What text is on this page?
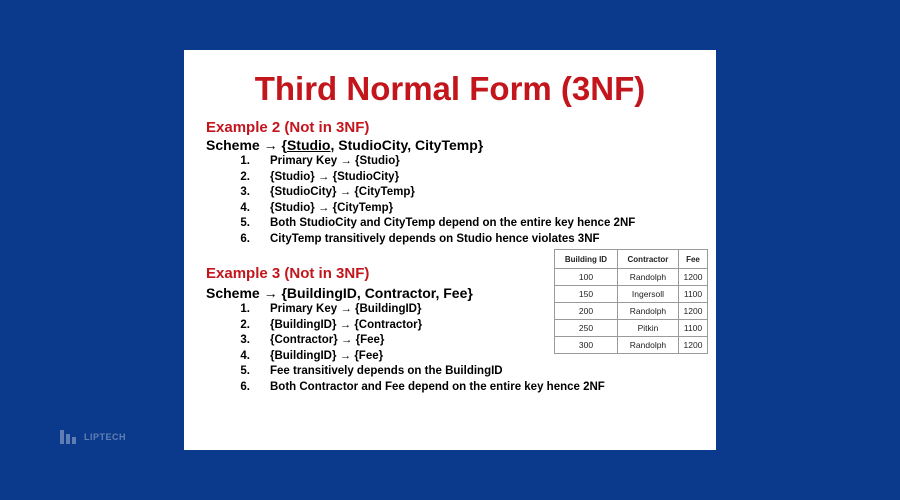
LIPTECH
Third Normal Form (3NF)

Example 2 (Not in 3NF)

Scheme → {Studio, StudioCity, CityTemp}

1.	Primary Key → {Studio}
2.	{Studio} → {StudioCity}
3.	{StudioCity} → {CityTemp}
4.	{Studio} → {CityTemp}
5.	Both StudioCity and CityTemp depend on the entire key hence 2NF
6.	CityTemp transitively depends on Studio hence violates 3NF

Example 3 (Not in 3NF)

Scheme → {BuildingID, Contractor, Fee}

1.	Primary Key → {BuildingID}
2.	{BuildingID} → {Contractor}
3.	{Contractor} → {Fee}
4.	{BuildingID} → {Fee}
5.	Fee transitively depends on the BuildingID
6.	Both Contractor and Fee depend on the entire key hence 2NF
Building ID	Contractor	Fee
100	Randolph	1200
150	Ingersoll	1100
200	Randolph	1200
250	Pitkin	1100
300	Randolph	1200
